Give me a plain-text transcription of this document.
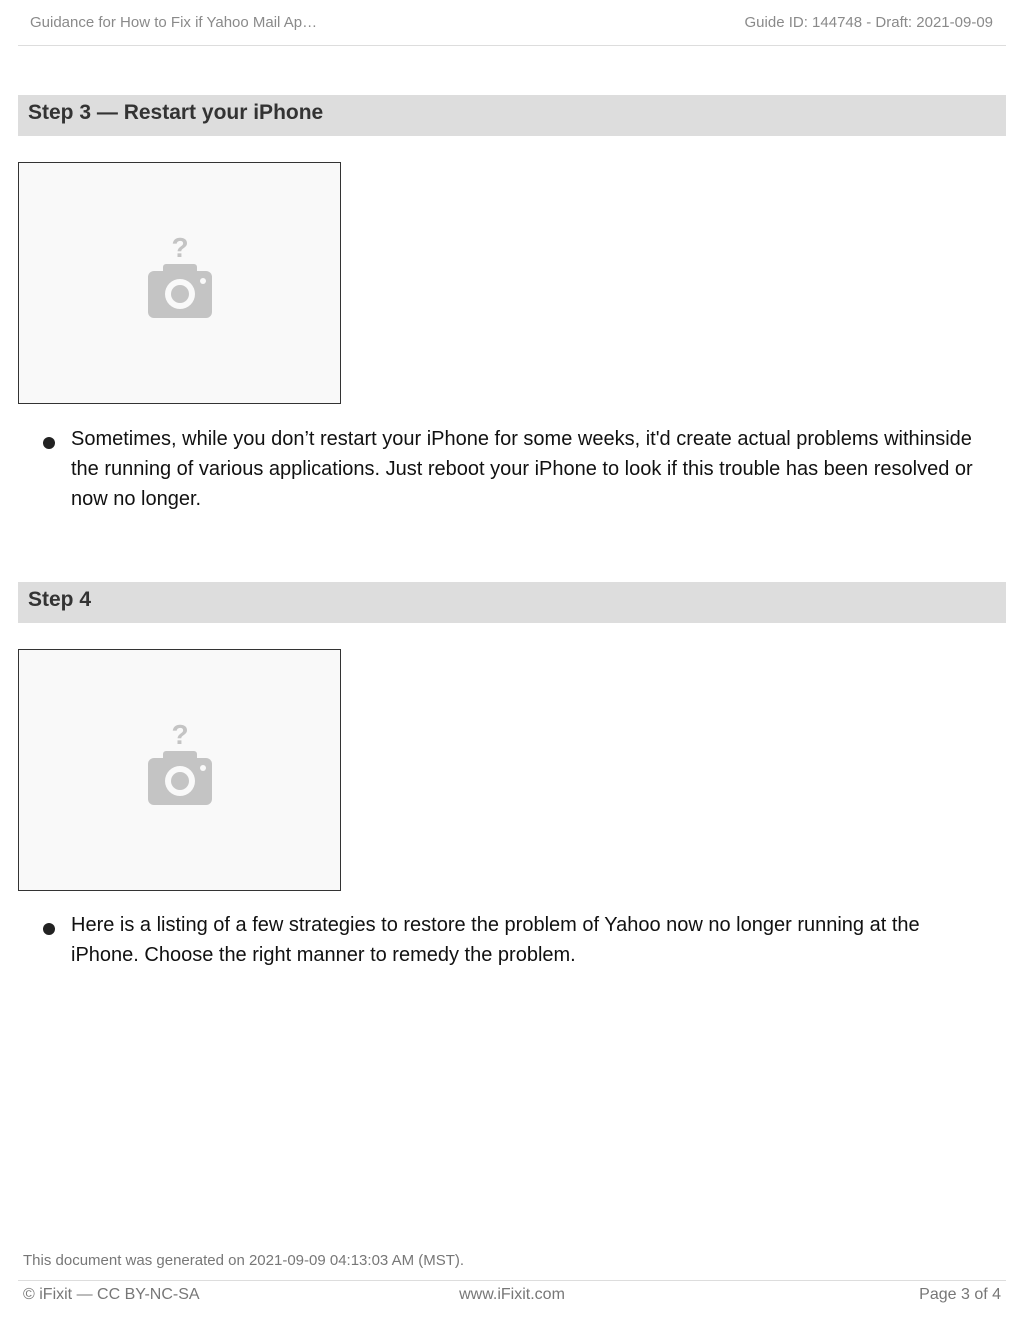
Guidance for How to Fix if Yahoo Mail Ap…	Guide ID: 144748 - Draft: 2021-09-09
Step 3 — Restart your iPhone
?
Sometimes, while you don’t restart your iPhone for some weeks, it'd create actual problems withinside the running of various applications. Just reboot your iPhone to look if this trouble has been resolved or now no longer.
Step 4
?
Here is a listing of a few strategies to restore the problem of Yahoo now no longer running at the iPhone. Choose the right manner to remedy the problem.
This document was generated on 2021-09-09 04:13:03 AM (MST).
© iFixit — CC BY-NC-SA	www.iFixit.com	Page 3 of 4
